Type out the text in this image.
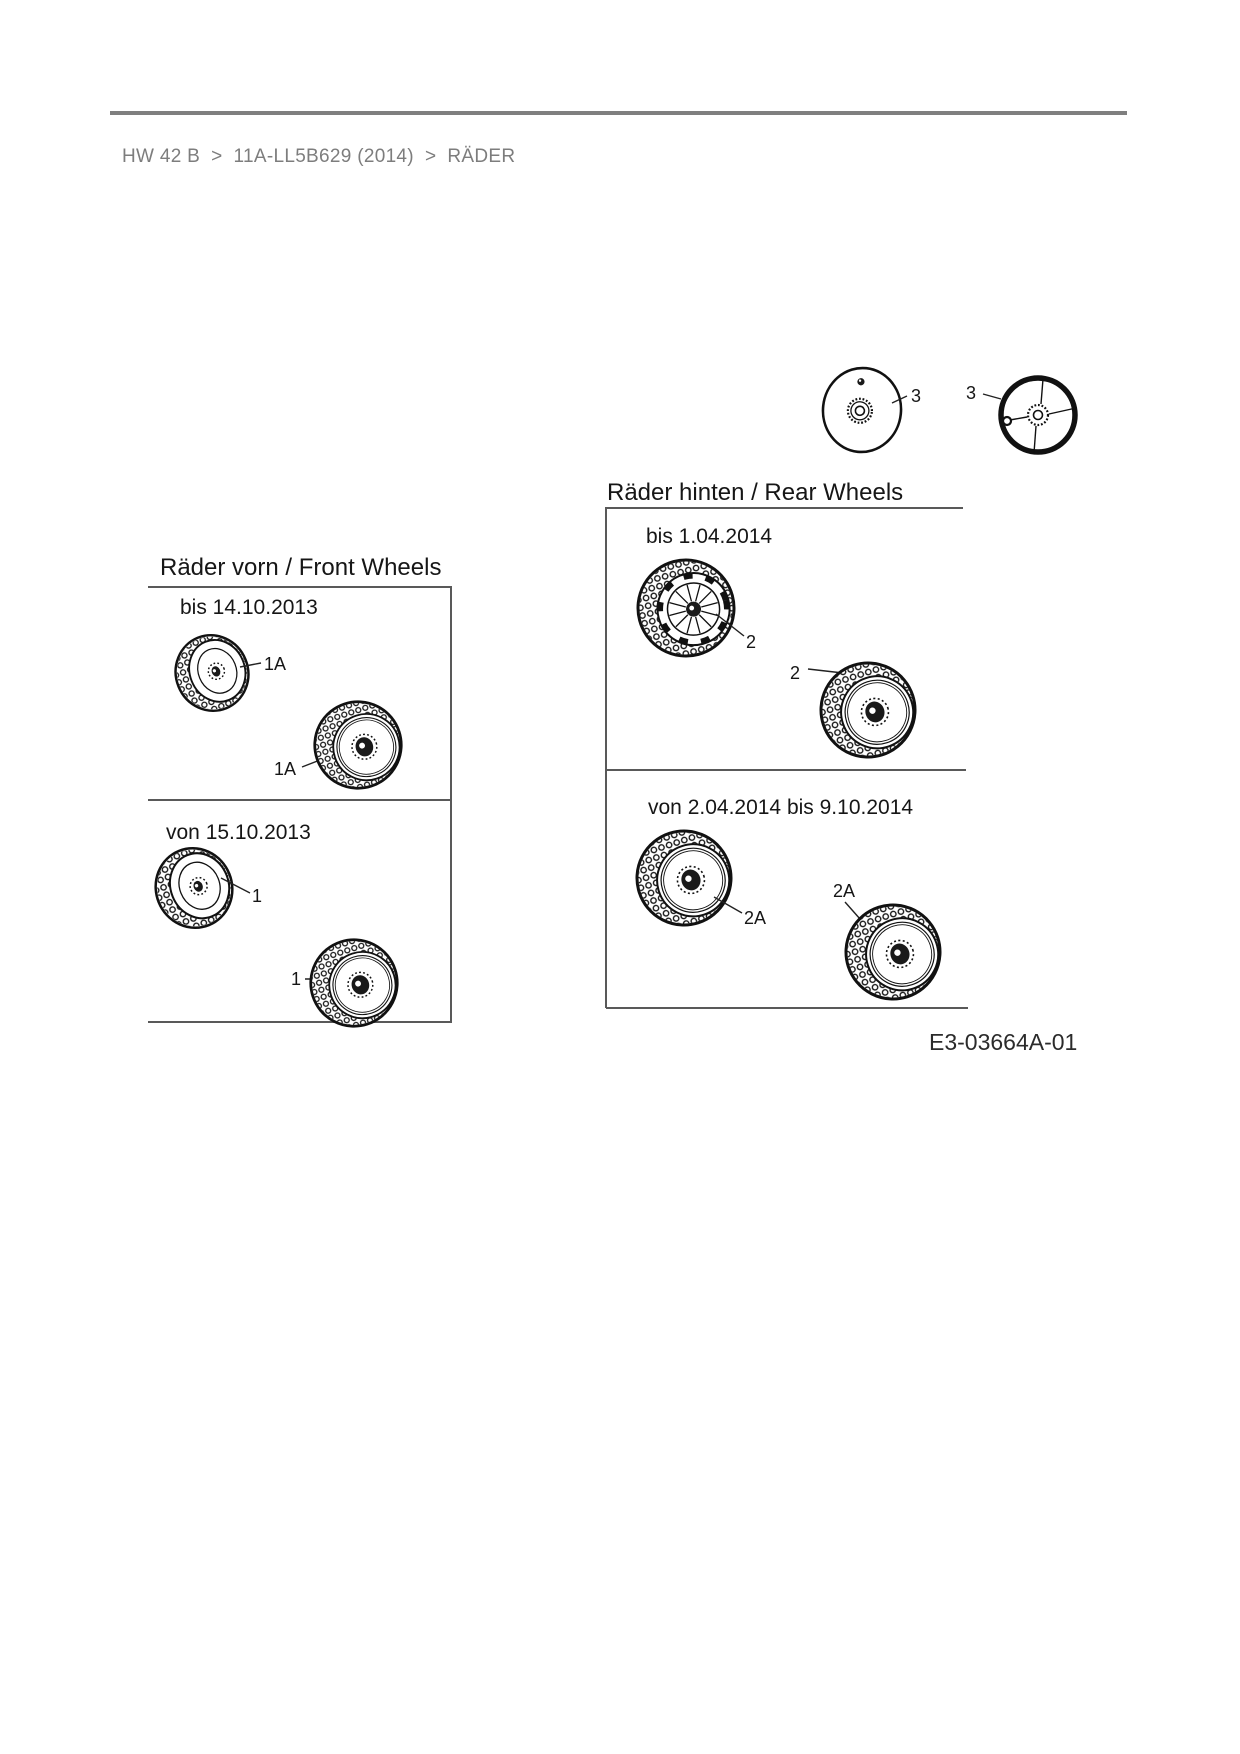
HW 42 B > 11A-LL5B629 (2014) > RÄDER
3 3
Räder hinten / Rear Wheels
bis 1.04.2014
2
2
von 2.04.2014 bis 9.10.2014
2A
2A
Räder vorn / Front Wheels
bis 14.10.2013
1A
1A
von 15.10.2013
1
1
E3-03664A-01
